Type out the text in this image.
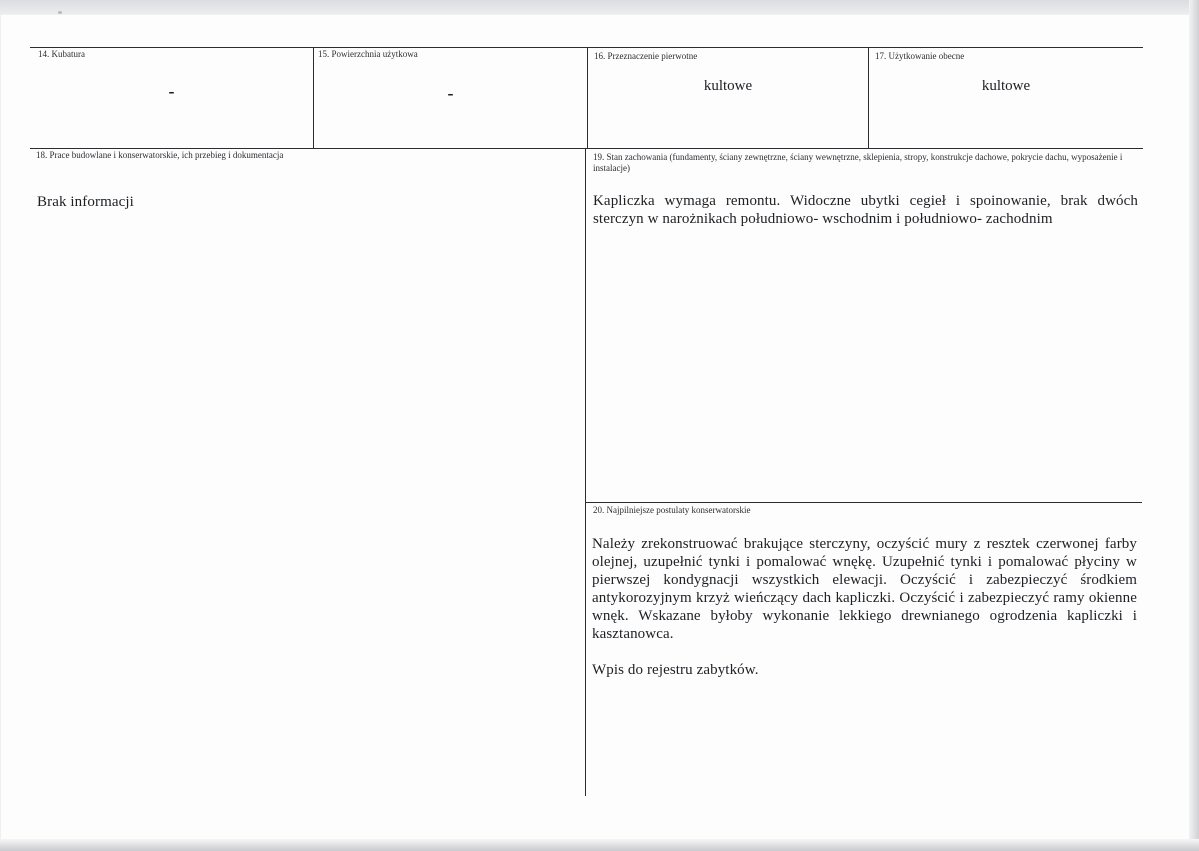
14. Kubatura
-
15. Powierzchnia użytkowa
-
16. Przeznaczenie pierwotne
kultowe
17. Użytkowanie obecne
kultowe
18. Prace budowlane i konserwatorskie, ich przebieg i dokumentacja
Brak informacji
19. Stan zachowania (fundamenty, ściany zewnętrzne, ściany wewnętrzne, sklepienia, stropy, konstrukcje dachowe, pokrycie dachu, wyposażenie i instalacje)
Kapliczka wymaga remontu. Widoczne ubytki cegieł i spoinowanie, brak dwóch sterczyn w narożnikach południowo- wschodnim i południowo- zachodnim
20. Najpilniejsze postulaty konserwatorskie
Należy zrekonstruować brakujące sterczyny, oczyścić mury z resztek czerwonej farby olejnej, uzupełnić tynki i pomalować wnękę. Uzupełnić tynki i pomalować płyciny w pierwszej kondygnacji wszystkich elewacji. Oczyścić i zabezpieczyć środkiem antykorozyjnym krzyż wieńczący dach kapliczki. Oczyścić i zabezpieczyć ramy okienne wnęk. Wskazane byłoby wykonanie lekkiego drewnianego ogrodzenia kapliczki i kasztanowca.
Wpis do rejestru zabytków.
